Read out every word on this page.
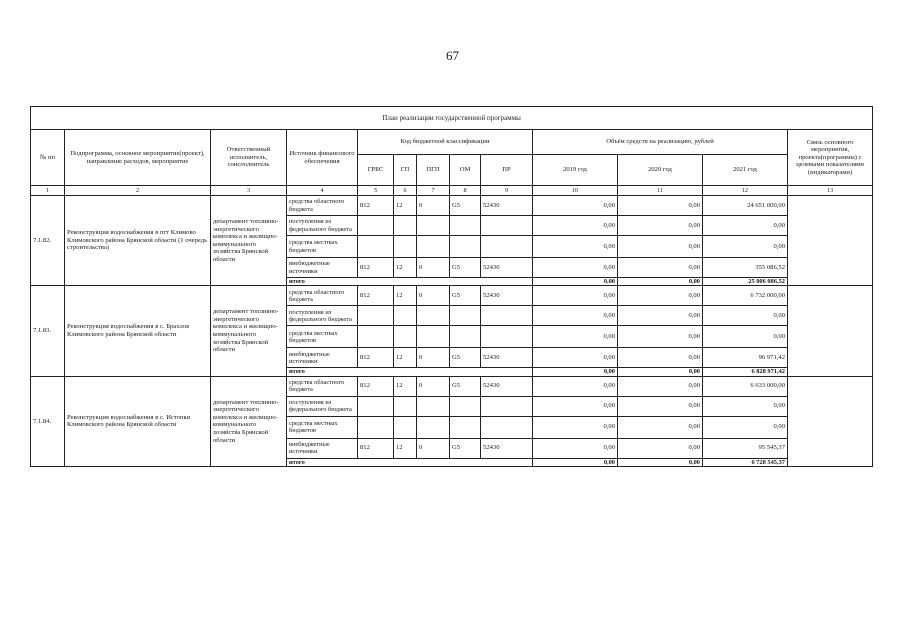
67
План реализации государственной программы												
№ пп	Подпрограмма, основное мероприятие(проект), направление расходов, мероприятие	Ответственный исполнитель, соисполнитель	Источник финансового обеспечения	Код бюджетной классификации					Объём средств на реализацию, рублей			Связь основного мероприятия, проекта(программы) с целевыми показателями (индикаторами)
				ГРБС	ГП	ПГП	ОМ	ПР	2019 год	2020 год	2021 год	
1	2	3	4	5	6	7	8	9	10	11	12	13
7.1.82.	Реконструкция водоснабжения в пгт Климово Климовского района Брянской области (1 очередь строительства)	департамент топливно-энергетического комплекса и жилищно-коммунального хозяйства Брянской области	средства областного бюджета	812	12	0	G5	52430	0,00	0,00	24 651 000,00	
			поступления из федерального бюджета						0,00	0,00	0,00	
			средства местных бюджетов						0,00	0,00	0,00	
			внебюджетные источники	812	12	0	G5	52430	0,00	0,00	355 086,52	
			итого						0,00	0,00	25 006 086,52	
7.1.83.	Реконструкция водоснабжения в с. Брахлов Климовского района Брянской области	департамент топливно-энергетического комплекса и жилищно-коммунального хозяйства Брянской области	средства областного бюджета	812	12	0	G5	52430	0,00	0,00	6 732 000,00	
			поступления из федерального бюджета						0,00	0,00	0,00	
			средства местных бюджетов						0,00	0,00	0,00	
			внебюджетные источники	812	12	0	G5	52430	0,00	0,00	96 971,42	
			итого						0,00	0,00	6 828 971,42	
7.1.84.	Реконструкция водоснабжения в с. Истопки Климовского района Брянской области	департамент топливно-энергетического комплекса и жилищно-коммунального хозяйства Брянской области	средства областного бюджета	812	12	0	G5	52430	0,00	0,00	6 633 000,00	
			поступления из федерального бюджета						0,00	0,00	0,00	
			средства местных бюджетов						0,00	0,00	0,00	
			внебюджетные источники	812	12	0	G5	52430	0,00	0,00	95 545,37	
			итого						0,00	0,00	6 728 545,37	
